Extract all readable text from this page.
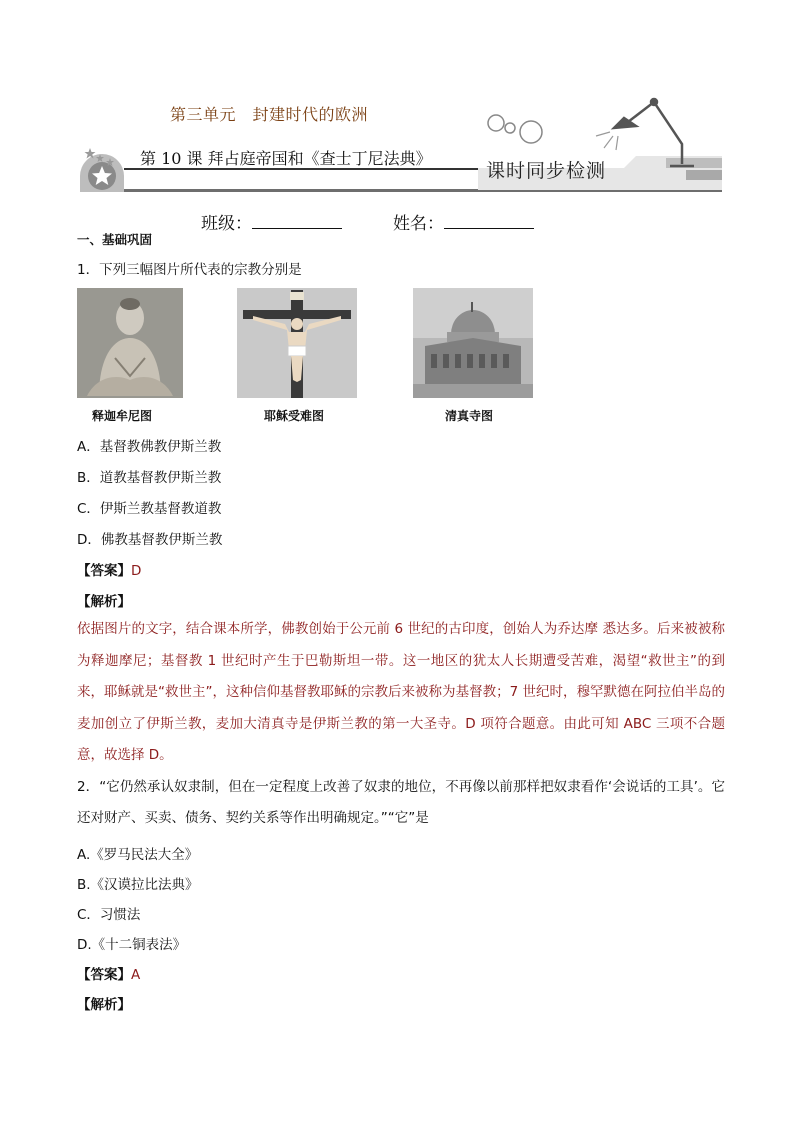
第三单元　封建时代的欧洲
第 10 课 拜占庭帝国和《查士丁尼法典》
课时同步检测
班级：	姓名：
一、基础巩固
1．下列三幅图片所代表的宗教分别是
释迦牟尼图	耶稣受难图	清真寺图
A．基督教佛教伊斯兰教
B．道教基督教伊斯兰教
C．伊斯兰教基督教道教
D．佛教基督教伊斯兰教
【答案】D
【解析】
依据图片的文字，结合课本所学，佛教创始于公元前 6 世纪的古印度，创始人为乔达摩 悉达多。后来被被称为释迦摩尼；基督教 1 世纪时产生于巴勒斯坦一带。这一地区的犹太人长期遭受苦难，渴望“救世主”的到来，耶稣就是“救世主”，这种信仰基督教耶稣的宗教后来被称为基督教；7 世纪时，穆罕默德在阿拉伯半岛的麦加创立了伊斯兰教，麦加大清真寺是伊斯兰教的第一大圣寺。D 项符合题意。由此可知 ABC 三项不合题意，故选择 D。
2．“它仍然承认奴隶制，但在一定程度上改善了奴隶的地位，不再像以前那样把奴隶看作‘会说话的工具’。它还对财产、买卖、债务、契约关系等作出明确规定。”“它”是
A.《罗马民法大全》
B.《汉谟拉比法典》
C．习惯法
D.《十二铜表法》
【答案】A
【解析】
